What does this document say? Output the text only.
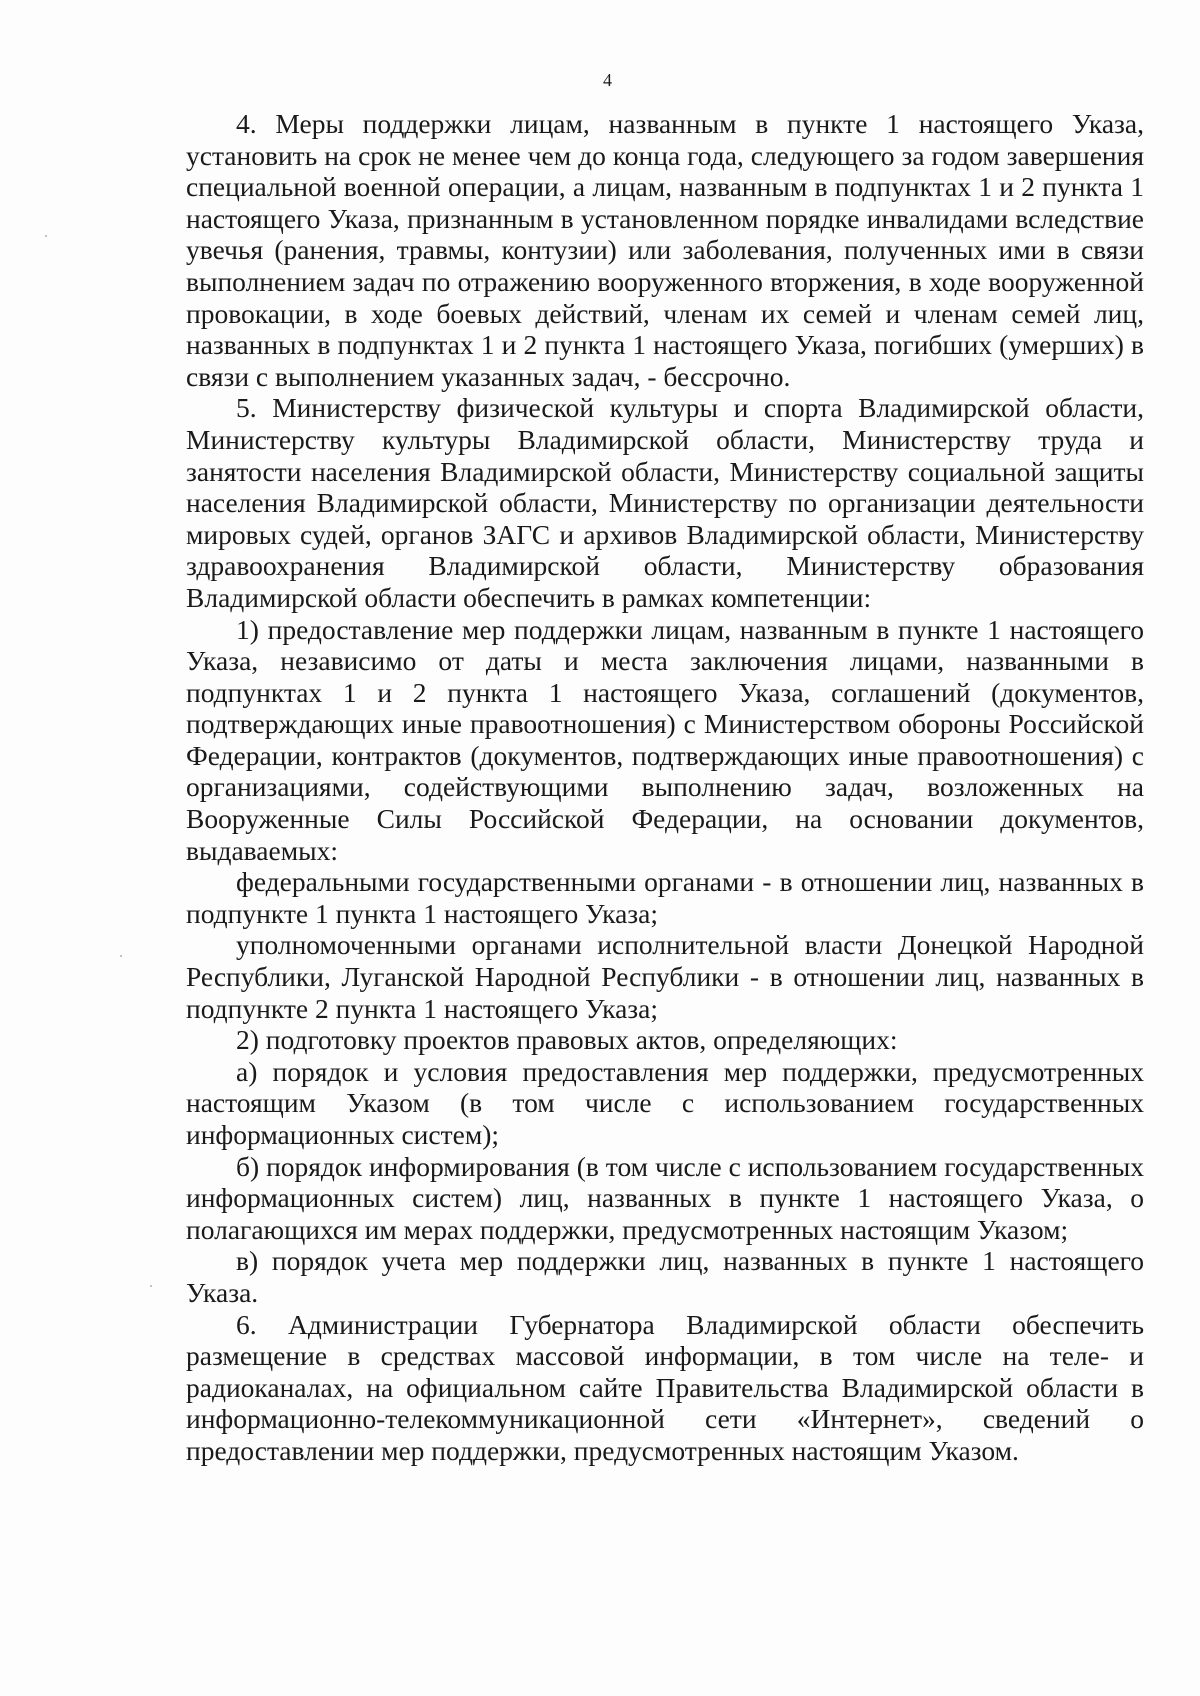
4

4. Меры поддержки лицам, названным в пункте 1 настоящего Указа, установить на срок не менее чем до конца года, следующего за годом завершения специальной военной операции, а лицам, названным в подпунктах 1 и 2 пункта 1 настоящего Указа, признанным в установленном порядке инвалидами вследствие увечья (ранения, травмы, контузии) или заболевания, полученных ими в связи выполнением задач по отражению вооруженного вторжения, в ходе вооруженной провокации, в ходе боевых действий, членам их семей и членам семей лиц, названных в подпунктах 1 и 2 пункта 1 настоящего Указа, погибших (умерших) в связи с выполнением указанных задач, - бессрочно.

5. Министерству физической культуры и спорта Владимирской области, Министерству культуры Владимирской области, Министерству труда и занятости населения Владимирской области, Министерству социальной защиты населения Владимирской области, Министерству по организации деятельности мировых судей, органов ЗАГС и архивов Владимирской области, Министерству здравоохранения Владимирской области, Министерству образования Владимирской области обеспечить в рамках компетенции:

1) предоставление мер поддержки лицам, названным в пункте 1 настоящего Указа, независимо от даты и места заключения лицами, названными в подпунктах 1 и 2 пункта 1 настоящего Указа, соглашений (документов, подтверждающих иные правоотношения) с Министерством обороны Российской Федерации, контрактов (документов, подтверждающих иные правоотношения) с организациями, содействующими выполнению задач, возложенных на Вооруженные Силы Российской Федерации, на основании документов, выдаваемых:

федеральными государственными органами - в отношении лиц, названных в подпункте 1 пункта 1 настоящего Указа;

уполномоченными органами исполнительной власти Донецкой Народной Республики, Луганской Народной Республики - в отношении лиц, названных в подпункте 2 пункта 1 настоящего Указа;

2) подготовку проектов правовых актов, определяющих:

а) порядок и условия предоставления мер поддержки, предусмотренных настоящим Указом (в том числе с использованием государственных информационных систем);

б) порядок информирования (в том числе с использованием государственных информационных систем) лиц, названных в пункте 1 настоящего Указа, о полагающихся им мерах поддержки, предусмотренных настоящим Указом;

в) порядок учета мер поддержки лиц, названных в пункте 1 настоящего Указа.

6. Администрации Губернатора Владимирской области обеспечить размещение в средствах массовой информации, в том числе на теле- и радиоканалах, на официальном сайте Правительства Владимирской области в информационно-телекоммуникационной сети «Интернет», сведений о предоставлении мер поддержки, предусмотренных настоящим Указом.
